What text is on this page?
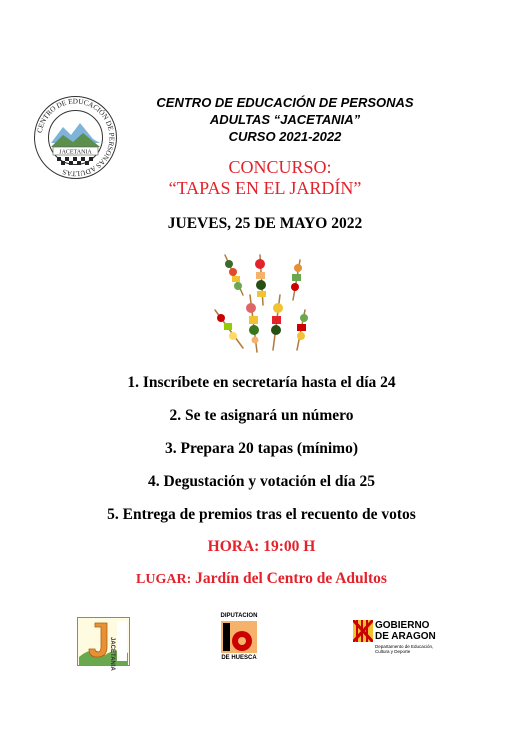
CENTRO DE EDUCACIÓN DE PERSONAS ADULTAS
JACETANIA
CENTRO DE EDUCACIÓN DE PERSONAS
ADULTAS “JACETANIA”
CURSO 2021-2022
CONCURSO:
“TAPAS EN EL JARDÍN”
JUEVES, 25 DE MAYO 2022
1. Inscríbete en secretaría hasta el día 24
2. Se te asignará un número
3. Prepara 20 tapas (mínimo)
4. Degustación y votación el día 25
5. Entrega de premios tras el recuento de votos
HORA: 19:00 H
LUGAR: Jardín del Centro de Adultos
JACETANIA
DIPUTACION
DE HUESCA
GOBIERNO
DE ARAGON
Departamento de Educación,
Cultura y Deporte
